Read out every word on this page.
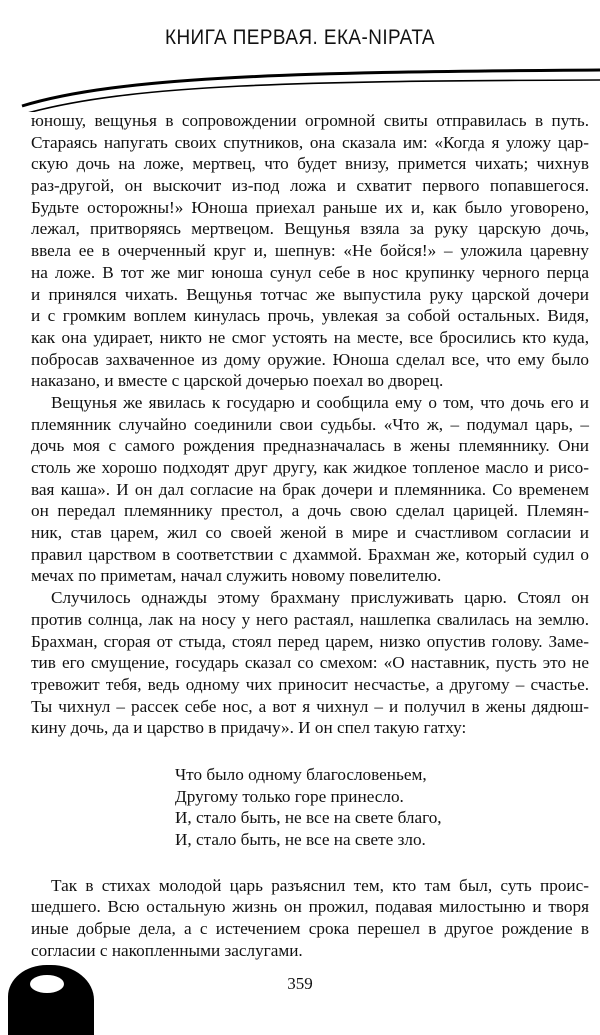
КНИГА ПЕРВАЯ. ЕКА-NIPATA
юношу, вещунья в сопровождении огромной свиты отправилась в путь.
Стараясь напугать своих спутников, она сказала им: «Когда я уложу цар-
скую дочь на ложе, мертвец, что будет внизу, примется чихать; чихнув
раз-другой, он выскочит из-под ложа и схватит первого попавшегося.
Будьте осторожны!» Юноша приехал раньше их и, как было уговорено,
лежал, притворяясь мертвецом. Вещунья взяла за руку царскую дочь,
ввела ее в очерченный круг и, шепнув: «Не бойся!» – уложила царевну
на ложе. В тот же миг юноша сунул себе в нос крупинку черного перца
и принялся чихать. Вещунья тотчас же выпустила руку царской дочери
и с громким воплем кинулась прочь, увлекая за собой остальных. Видя,
как она удирает, никто не смог устоять на месте, все бросились кто куда,
побросав захваченное из дому оружие. Юноша сделал все, что ему было
наказано, и вместе с царской дочерью поехал во дворец.
Вещунья же явилась к государю и сообщила ему о том, что дочь его и
племянник случайно соединили свои судьбы. «Что ж, – подумал царь, –
дочь моя с самого рождения предназначалась в жены племяннику. Они
столь же хорошо подходят друг другу, как жидкое топленое масло и рисо-
вая каша». И он дал согласие на брак дочери и племянника. Со временем
он передал племяннику престол, а дочь свою сделал царицей. Племян-
ник, став царем, жил со своей женой в мире и счастливом согласии и
правил царством в соответствии с дхаммой. Брахман же, который судил о
мечах по приметам, начал служить новому повелителю.
Случилось однажды этому брахману прислуживать царю. Стоял он
против солнца, лак на носу у него растаял, нашлепка свалилась на землю.
Брахман, сгорая от стыда, стоял перед царем, низко опустив голову. Заме-
тив его смущение, государь сказал со смехом: «О наставник, пусть это не
тревожит тебя, ведь одному чих приносит несчастье, а другому – счастье.
Ты чихнул – рассек себе нос, а вот я чихнул – и получил в жены дядюш-
кину дочь, да и царство в придачу». И он спел такую гатху:
Что было одному благословеньем,
Другому только горе принесло.
И, стало быть, не все на свете благо,
И, стало быть, не все на свете зло.
Так в стихах молодой царь разъяснил тем, кто там был, суть проис-
шедшего. Всю остальную жизнь он прожил, подавая милостыню и творя
иные добрые дела, а с истечением срока перешел в другое рождение в
согласии с накопленными заслугами.
359
